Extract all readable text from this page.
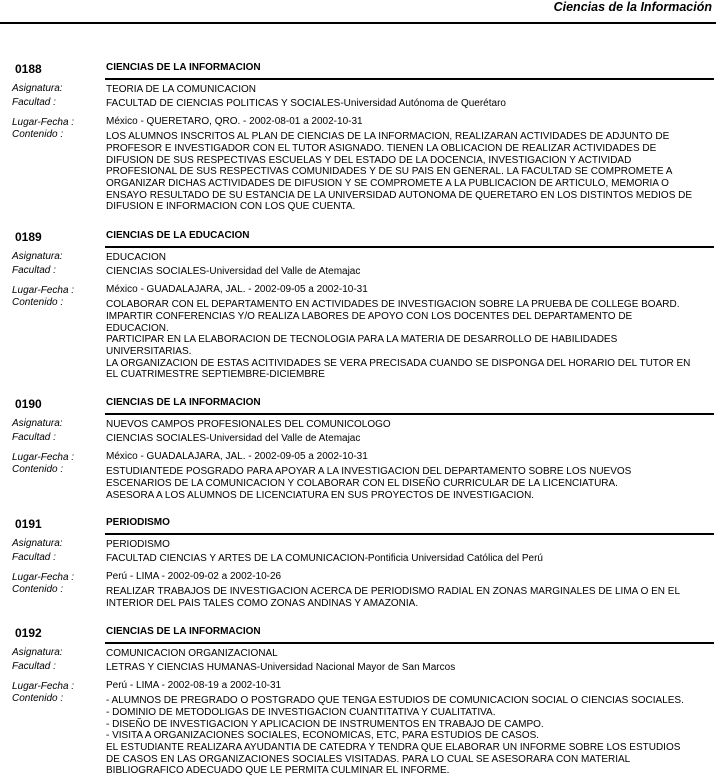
Ciencias de la Información
0188	CIENCIAS DE LA INFORMACION
Asignatura:	TEORIA DE LA COMUNICACION
Facultad :	FACULTAD DE CIENCIAS POLITICAS Y SOCIALES-Universidad Autónoma de Querétaro
Lugar-Fecha :	México - QUERETARO, QRO. - 2002-08-01 a 2002-10-31
Contenido :	LOS ALUMNOS INSCRITOS AL PLAN DE CIENCIAS DE LA INFORMACION, REALIZARAN ACTIVIDADES DE ADJUNTO DE
PROFESOR E INVESTIGADOR CON EL TUTOR ASIGNADO. TIENEN LA OBLICACION DE REALIZAR ACTIVIDADES DE
DIFUSION DE SUS RESPECTIVAS ESCUELAS Y DEL ESTADO DE LA DOCENCIA, INVESTIGACION Y ACTIVIDAD
PROFESIONAL DE SUS RESPECTIVAS COMUNIDADES Y DE SU PAIS EN GENERAL. LA FACULTAD SE COMPROMETE A
ORGANIZAR DICHAS ACTIVIDADES DE DIFUSION Y SE COMPROMETE A LA PUBLICACION DE ARTICULO, MEMORIA O
ENSAYO RESULTADO DE SU ESTANCIA DE LA UNIVERSIDAD AUTONOMA DE QUERETARO EN LOS DISTINTOS MEDIOS DE
DIFUSION E INFORMACION CON LOS QUE CUENTA.
0189	CIENCIAS DE LA EDUCACION
Asignatura:	EDUCACION
Facultad :	CIENCIAS SOCIALES-Universidad del Valle de Atemajac
Lugar-Fecha :	México - GUADALAJARA, JAL. - 2002-09-05 a 2002-10-31
Contenido :	COLABORAR CON EL DEPARTAMENTO EN ACTIVIDADES DE INVESTIGACION SOBRE LA PRUEBA DE COLLEGE BOARD.
IMPARTIR CONFERENCIAS Y/O REALIZA LABORES DE APOYO CON LOS DOCENTES DEL DEPARTAMENTO DE
EDUCACION.
PARTICIPAR EN LA ELABORACION DE TECNOLOGIA PARA LA MATERIA DE DESARROLLO DE HABILIDADES
UNIVERSITARIAS.
LA ORGANIZACION DE ESTAS ACITIVIDADES SE VERA PRECISADA CUANDO SE DISPONGA DEL HORARIO DEL TUTOR EN
EL CUATRIMESTRE SEPTIEMBRE-DICIEMBRE
0190	CIENCIAS DE LA INFORMACION
Asignatura:	NUEVOS CAMPOS PROFESIONALES DEL COMUNICOLOGO
Facultad :	CIENCIAS SOCIALES-Universidad del Valle de Atemajac
Lugar-Fecha :	México - GUADALAJARA, JAL. - 2002-09-05 a 2002-10-31
Contenido :	ESTUDIANTEDE POSGRADO PARA APOYAR A LA INVESTIGACION DEL DEPARTAMENTO SOBRE LOS NUEVOS
ESCENARIOS DE LA COMUNICACION Y COLABORAR CON EL DISEÑO CURRICULAR DE LA LICENCIATURA.
ASESORA A LOS ALUMNOS DE LICENCIATURA EN SUS PROYECTOS DE INVESTIGACION.
0191	PERIODISMO
Asignatura:	PERIODISMO
Facultad :	FACULTAD CIENCIAS Y ARTES DE LA COMUNICACION-Pontificia Universidad Católica del Perú
Lugar-Fecha :	Perú - LIMA - 2002-09-02 a 2002-10-26
Contenido :	REALIZAR TRABAJOS DE INVESTIGACION ACERCA DE PERIODISMO RADIAL EN ZONAS MARGINALES DE LIMA O EN EL
INTERIOR DEL PAIS TALES COMO ZONAS ANDINAS Y AMAZONIA.
0192	CIENCIAS DE LA INFORMACION
Asignatura:	COMUNICACION ORGANIZACIONAL
Facultad :	LETRAS Y CIENCIAS HUMANAS-Universidad Nacional Mayor de San Marcos
Lugar-Fecha :	Perú - LIMA - 2002-08-19 a 2002-10-31
Contenido :	- ALUMNOS DE PREGRADO O POSTGRADO QUE TENGA ESTUDIOS DE COMUNICACION SOCIAL O CIENCIAS SOCIALES.
- DOMINIO DE METODOLIGAS DE INVESTIGACION CUANTITATIVA Y CUALITATIVA.
- DISEÑO DE INVESTIGACION Y APLICACION DE INSTRUMENTOS EN TRABAJO DE CAMPO.
- VISITA A ORGANIZACIONES SOCIALES, ECONOMICAS, ETC, PARA ESTUDIOS DE CASOS.
EL ESTUDIANTE REALIZARA AYUDANTIA DE CATEDRA Y TENDRA QUE ELABORAR UN INFORME SOBRE LOS ESTUDIOS
DE CASOS EN LAS ORGANIZACIONES SOCIALES VISITADAS. PARA LO CUAL SE ASESORARA CON MATERIAL
BIBLIOGRAFICO ADECUADO QUE LE PERMITA CULMINAR EL INFORME.
